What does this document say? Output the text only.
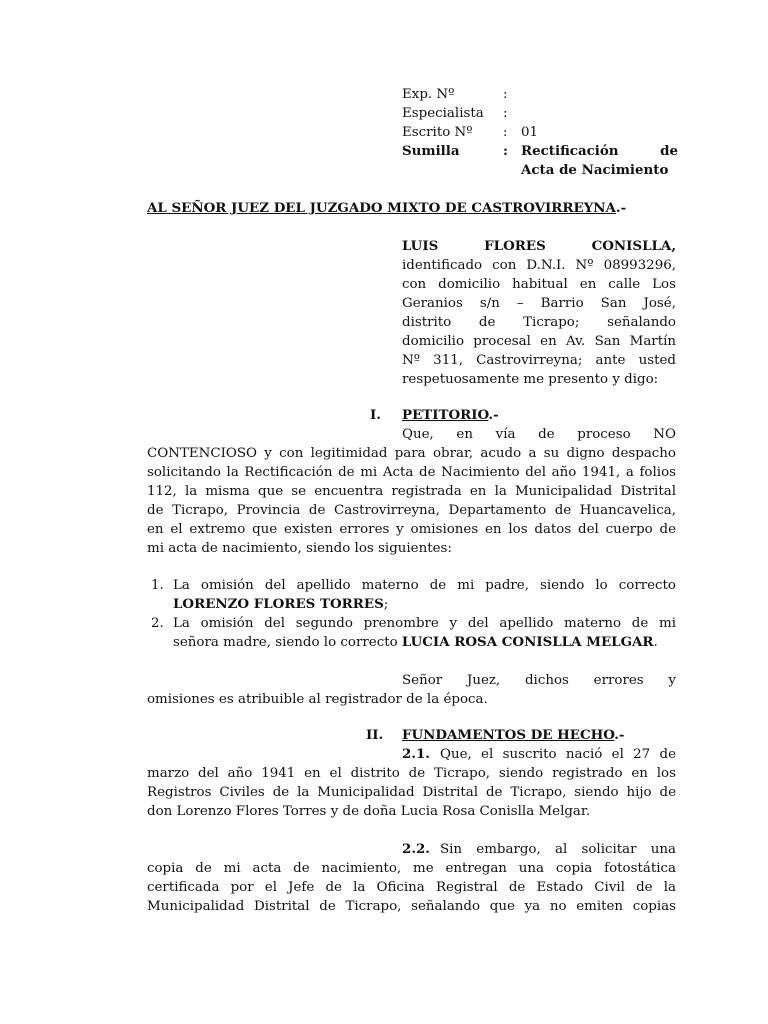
Exp. Nº	:
Especialista :
Escrito Nº : 01
Sumilla	: Rectificación	de
Acta de Nacimiento
AL SEÑOR JUEZ DEL JUZGADO MIXTO DE CASTROVIRREYNA.-
LUIS FLORES CONISLLA,
identificado con D.N.I. Nº 08993296,
con domicilio habitual en calle Los
Geranios s/n – Barrio San José,
distrito de Ticrapo; señalando
domicilio procesal en Av. San Martín
Nº 311, Castrovirreyna; ante usted
respetuosamente me presento y digo:
I. PETITORIO.-
Que, en vía de proceso NO
CONTENCIOSO y con legitimidad para obrar, acudo a su digno despacho
solicitando la Rectificación de mi Acta de Nacimiento del año 1941, a folios
112, la misma que se encuentra registrada en la Municipalidad Distrital
de Ticrapo, Provincia de Castrovirreyna, Departamento de Huancavelica,
en el extremo que existen errores y omisiones en los datos del cuerpo de
mi acta de nacimiento, siendo los siguientes:
1. La omisión del apellido materno de mi padre, siendo lo correcto
LORENZO FLORES TORRES;
2. La omisión del segundo prenombre y del apellido materno de mi
señora madre, siendo lo correcto LUCIA ROSA CONISLLA MELGAR.
Señor Juez, dichos errores y
omisiones es atribuible al registrador de la época.
II. FUNDAMENTOS DE HECHO.-
2.1. Que, el suscrito nació el 27 de
marzo del año 1941 en el distrito de Ticrapo, siendo registrado en los
Registros Civiles de la Municipalidad Distrital de Ticrapo, siendo hijo de
don Lorenzo Flores Torres y de doña Lucia Rosa Conislla Melgar.
2.2. Sin embargo, al solicitar una
copia de mi acta de nacimiento, me entregan una copia fotostática
certificada por el Jefe de la Oficina Registral de Estado Civil de la
Municipalidad Distrital de Ticrapo, señalando que ya no emiten copias
